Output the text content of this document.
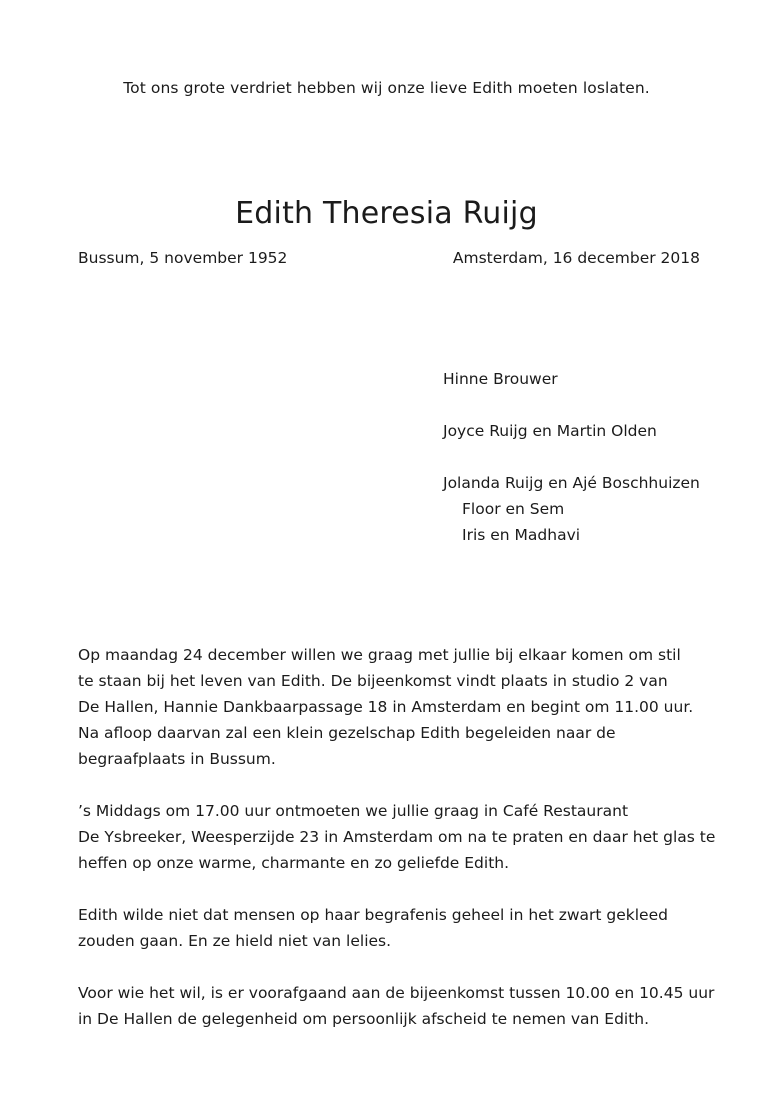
Tot ons grote verdriet hebben wij onze lieve Edith moeten loslaten.
Edith Theresia Ruijg
Bussum, 5 november 1952	Amsterdam, 16 december 2018
Hinne Brouwer
Joyce Ruijg en Martin Olden
Jolanda Ruijg en Ajé Boschhuizen
Floor en Sem
Iris en Madhavi

Op maandag 24 december willen we graag met jullie bij elkaar komen om stil
te staan bij het leven van Edith. De bijeenkomst vindt plaats in studio 2 van
De Hallen, Hannie Dankbaarpassage 18 in Amsterdam en begint om 11.00 uur.
Na afloop daarvan zal een klein gezelschap Edith begeleiden naar de
begraafplaats in Bussum.

’s Middags om 17.00 uur ontmoeten we jullie graag in Café Restaurant
De Ysbreeker, Weesperzijde 23 in Amsterdam om na te praten en daar het glas te
heffen op onze warme, charmante en zo geliefde Edith.

Edith wilde niet dat mensen op haar begrafenis geheel in het zwart gekleed
zouden gaan. En ze hield niet van lelies.

Voor wie het wil, is er voorafgaand aan de bijeenkomst tussen 10.00 en 10.45 uur
in De Hallen de gelegenheid om persoonlijk afscheid te nemen van Edith.
